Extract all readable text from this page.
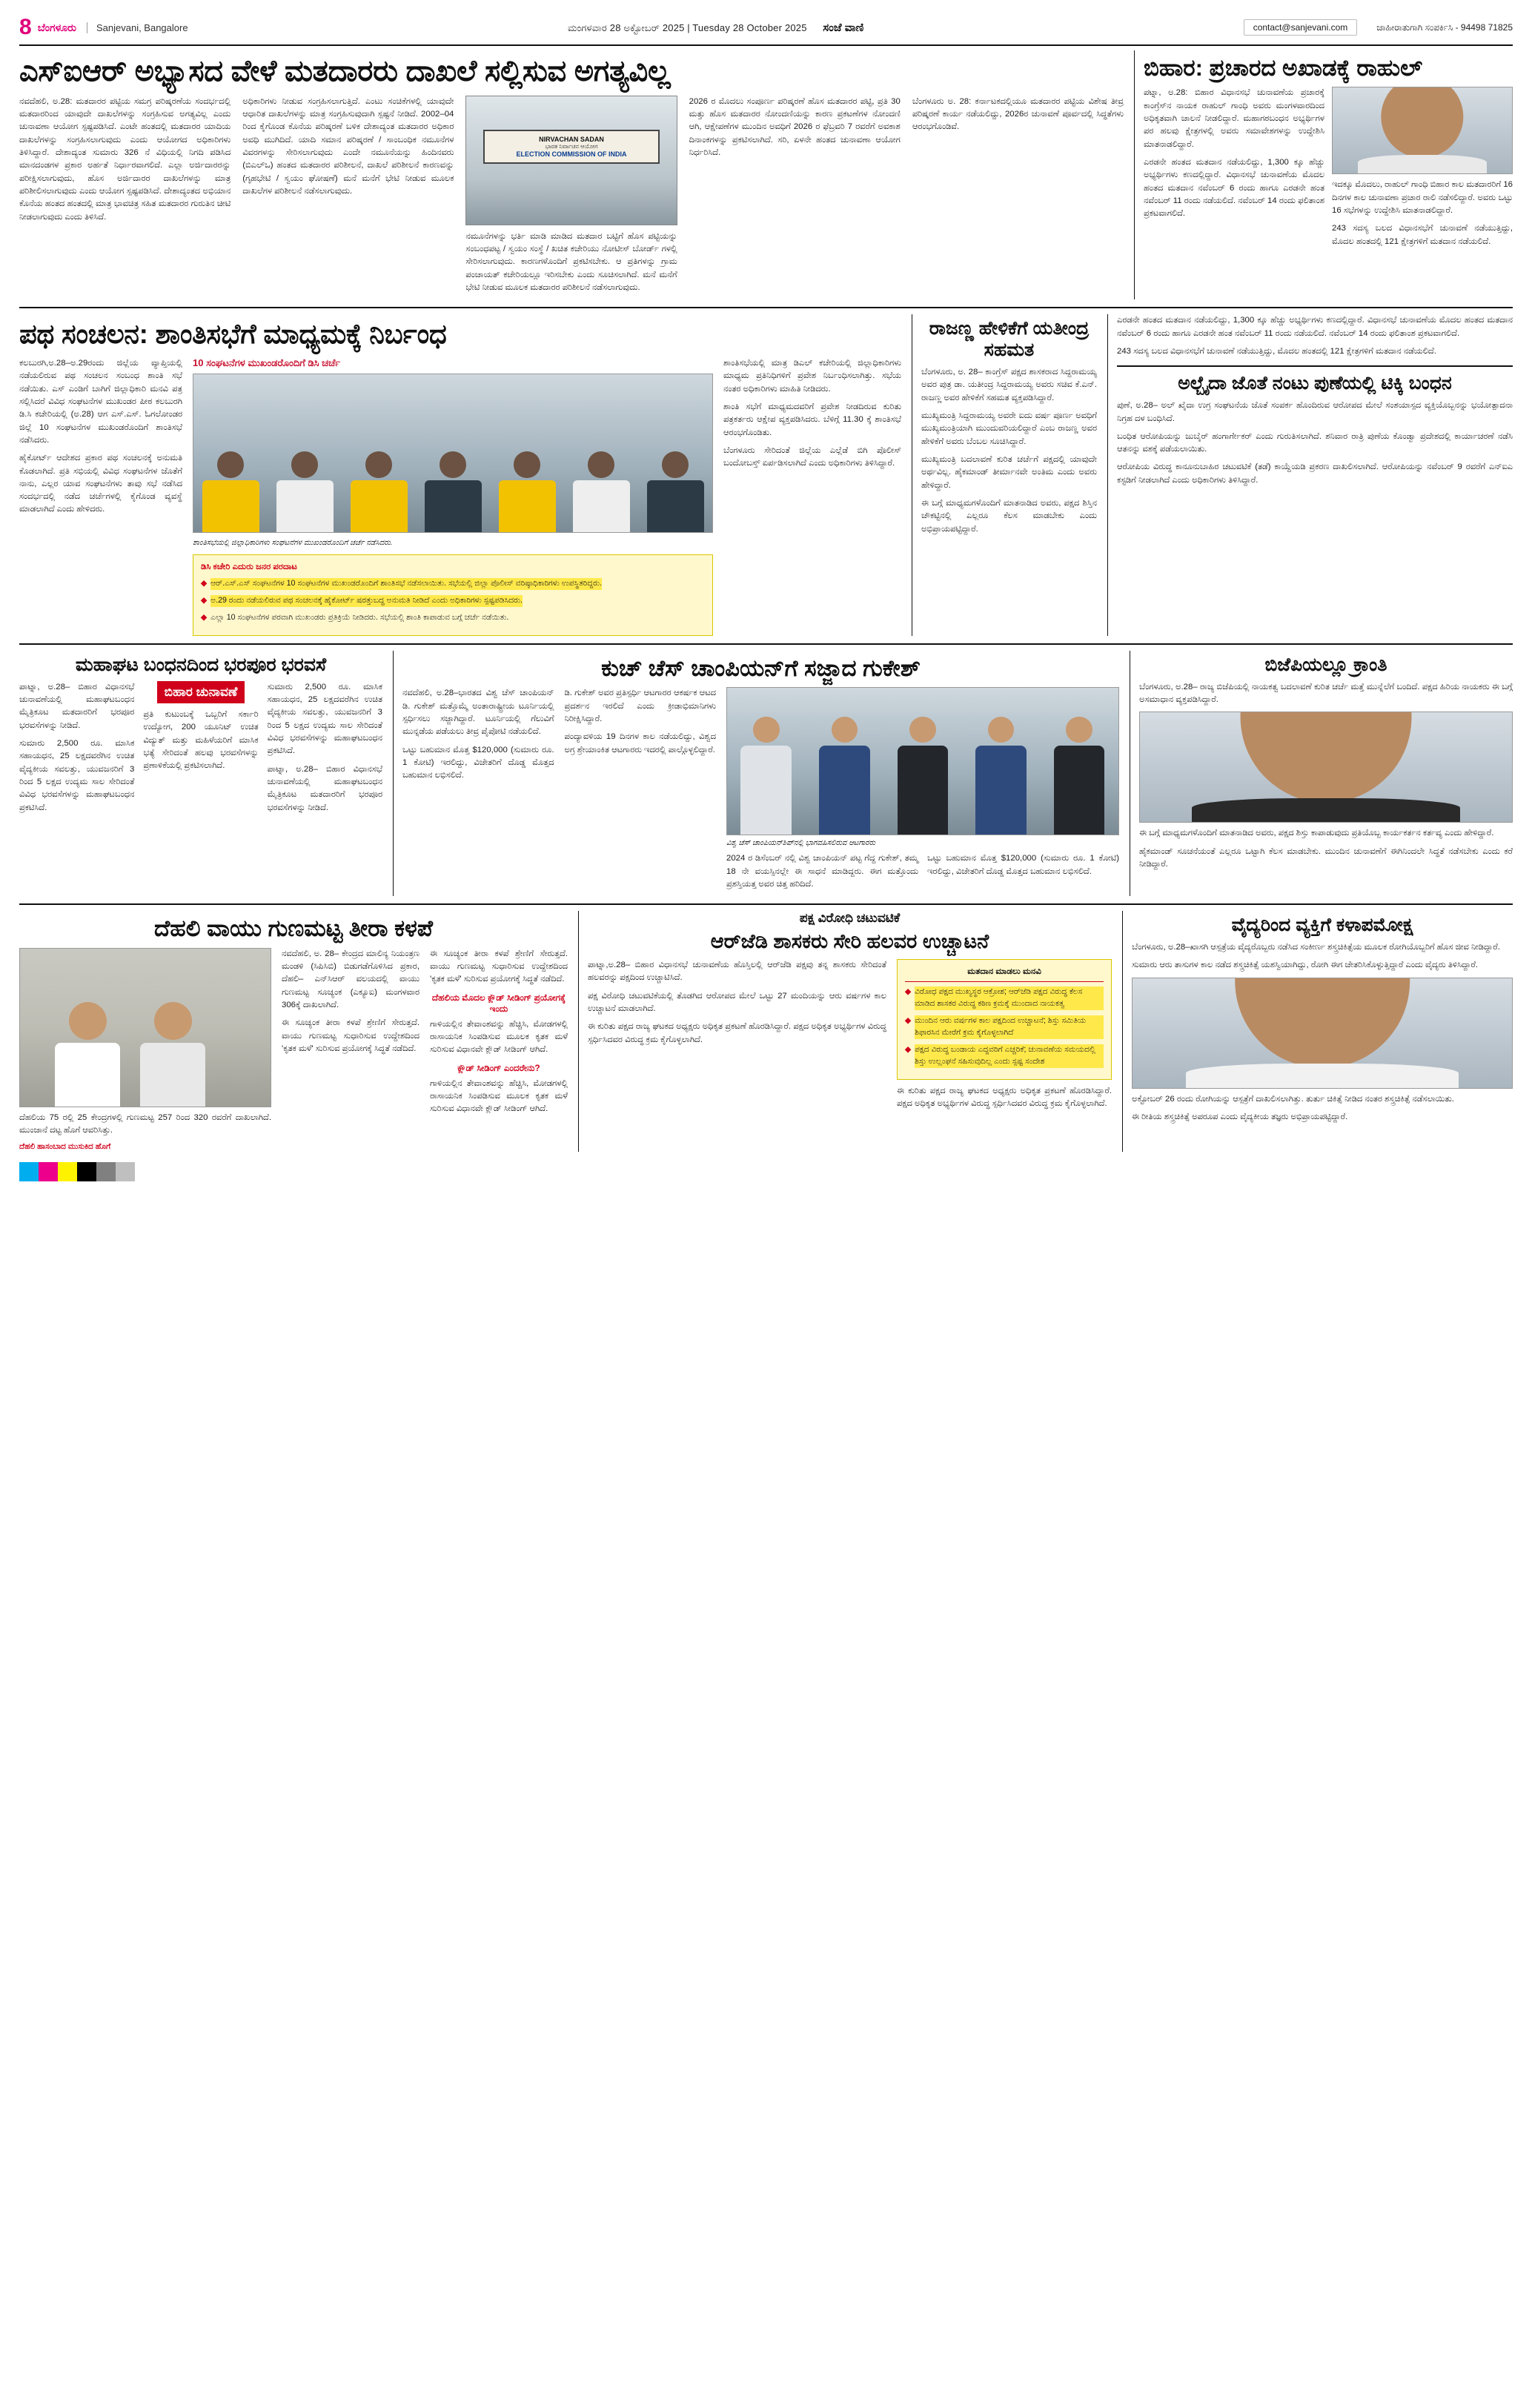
8 ಬೆಂಗಳೂರು	Sanjevani, Bangalore	ಮಂಗಳವಾರ 28 ಅಕ್ಟೋಬರ್ 2025 | Tuesday 28 October 2025 ಸಂಜೆ ವಾಣಿ	contact@sanjevani.com	ಜಾಹೀರಾತುಗಾಗಿ ಸಂಪರ್ಕಿಸಿ - 94498 71825
ಎಸ್‌ಐಆರ್ ಅಭ್ಯಾಸದ ವೇಳೆ ಮತದಾರರು ದಾಖಲೆ ಸಲ್ಲಿಸುವ ಅಗತ್ಯವಿಲ್ಲ

ನವದೆಹಲಿ, ಅ.28: ಮತದಾರರ ಪಟ್ಟಿಯ ಸಮಗ್ರ ಪರಿಷ್ಕರಣೆಯ ಸಂದರ್ಭದಲ್ಲಿ ಮತದಾರರಿಂದ ಯಾವುದೇ ದಾಖಲೆಗಳನ್ನು ಸಂಗ್ರಹಿಸುವ ಅಗತ್ಯವಿಲ್ಲ ಎಂದು ಚುನಾವಣಾ ಆಯೋಗ ಸ್ಪಷ್ಟಪಡಿಸಿದೆ. ಎಂಟೇ ಹಂತದಲ್ಲಿ ಮತದಾರರ ಯಾದಿಯ ದಾಖಲೆಗಳನ್ನು ಸಂಗ್ರಹಿಸಲಾಗುವುದು ಎಂದು ಆಯೋಗದ ಅಧಿಕಾರಿಗಳು ತಿಳಿಸಿದ್ದಾರೆ. ದೇಶಾದ್ಯಂತ ಸುಮಾರು 326 ನೆ ವಿಧಿಯಲ್ಲಿ ನಿಗದಿ ಪಡಿಸಿದ ಮಾನದಂಡಗಳ ಪ್ರಕಾರ ಅರ್ಹತೆ ನಿರ್ಧಾರವಾಗಲಿದೆ. ಎಲ್ಲಾ ಅರ್ಜಿದಾರರನ್ನು ಪರೀಕ್ಷಿಸಲಾಗುವುದು, ಹೊಸ ಅರ್ಜಿದಾರರ ದಾಖಲೆಗಳನ್ನು ಮಾತ್ರ ಪರಿಶೀಲಿಸಲಾಗುವುದು ಎಂದು ಆಯೋಗ ಸ್ಪಷ್ಟಪಡಿಸಿದೆ. ದೇಶಾದ್ಯಂತದ ಅಭಿಯಾನ ಕೊನೆಯ ಹಂತದ ಹಂತದಲ್ಲಿ ಮಾತ್ರ ಭಾವಚಿತ್ರ ಸಹಿತ ಮತದಾರರ ಗುರುತಿನ ಚೀಟಿ ನೀಡಲಾಗುವುದು ಎಂದು ತಿಳಿಸಿದೆ.

ಅಧಿಕಾರಿಗಳು ನೀಡುವ ಸಂಗ್ರಹಿಸಲಾಗುತ್ತಿದೆ. ಎಂಟು ಸಂಚಿಕೆಗಳಲ್ಲಿ ಯಾವುದೇ ಆಧಾರಿತ ದಾಖಲೆಗಳನ್ನು ಮಾತ್ರ ಸಂಗ್ರಹಿಸುವುದಾಗಿ ಸ್ಪಷ್ಟನೆ ನೀಡಿದೆ. 2002–04 ರಿಂದ ಕೈಗೊಂಡ ಕೊನೆಯ ಪರಿಷ್ಕರಣೆ ಬಳಿಕ ದೇಶಾದ್ಯಂತ ಮತದಾರರ ಅಧಿಕಾರ ಅವಧಿ ಮುಗಿದಿದೆ. ಯಾದಿ ಸಮಾನ ಪರಿಷ್ಕರಣೆ / ಸಾಂಬಂಧಿಕ ನಮೂನೆಗಳ ವಿವರಗಳನ್ನು ಸೇರಿಸಲಾಗುವುದು ಎಂದೇ ನಮೂನೆಯನ್ನು ಹಿಂದಿನವರು (ಬಿಎಲ್‌ಒ) ಹಂತದ ಮತದಾರರ ಪರಿಶೀಲನೆ, ದಾಖಲೆ ಪರಿಶೀಲನೆ ಕಾರಣವನ್ನು (ಗೃಹಭೇಟಿ / ಸ್ವಯಂ ಘೋಷಣೆ) ಮನೆ ಮನೆಗೆ ಭೇಟಿ ನೀಡುವ ಮೂಲಕ ದಾಖಲೆಗಳ ಪರಿಶೀಲನೆ ನಡೆಸಲಾಗುವುದು.

NIRVACHAN SADAN
ಭಾರತ ನಿರ್ವಾಚನ ಆಯೋಗ
ELECTION COMMISSION OF INDIA

ನಮೂನೆಗಳನ್ನು ಭರ್ತಿ ಮಾಡಿ ಮಾಡಿದ ಮತದಾರ ಬಟ್ಟಿಗೆ ಹೊಸ ಪಟ್ಟಿಯನ್ನು ಸಂಬಂಧಪಟ್ಟ / ಸ್ವಯಂ ಸಂಸ್ಥೆ / ಖಚಿತ ಕಚೇರಿಯು ನೋಟೀಸ್ ಬೋರ್ಡ್ ಗಳಲ್ಲಿ ಸೇರಿಸಲಾಗುವುದು. ಕಾರಣಗಳೊಂದಿಗೆ ಪ್ರಕಟಿಸಬೇಕು. ಆ ಪ್ರತಿಗಳನ್ನು ಗ್ರಾಮ ಪಂಚಾಯತ್ ಕಚೇರಿಯಲ್ಲೂ ಇರಿಸಬೇಕು ಎಂದು ಸೂಚಿಸಲಾಗಿದೆ. ಮನೆ ಮನೆಗೆ ಭೇಟಿ ನೀಡುವ ಮೂಲಕ ಮತದಾರರ ಪರಿಶೀಲನೆ ನಡೆಸಲಾಗುವುದು.

2026 ರ ಮೊದಲು ಸಂಪೂರ್ಣ ಪರಿಷ್ಕರಣೆ ಹೊಸ ಮತದಾರರ ಪಟ್ಟಿ, ಪ್ರತಿ 30 ಮತ್ತು ಹೊಸ ಮತದಾರರ ನೋಂದಣಿಯನ್ನು ಕಾರಣ ಪ್ರಕಟಣೆಗಳ ನೋಂದಣಿ ಆಗಿ, ಆಕ್ಷೇಪಣೆಗಳ ಮುಂದಿನ ಅವಧಿಗೆ 2026 ರ ಫೆಬ್ರವರಿ 7 ರವರೆಗೆ ಅವಕಾಶ ದಿನಾಂಕಗಳನ್ನು ಪ್ರಕಟಿಸಲಾಗಿದೆ. ಸರಿ, ಏಳನೇ ಹಂತದ ಚುನಾವಣಾ ಆಯೋಗ ನಿರ್ಧರಿಸಿದೆ.

ಬೆಂಗಳೂರು ಅ. 28: ಕರ್ನಾಟಕದಲ್ಲಿಯೂ ಮತದಾರರ ಪಟ್ಟಿಯ ವಿಶೇಷ ತೀವ್ರ ಪರಿಷ್ಕರಣೆ ಕಾರ್ಯ ನಡೆಯಲಿದ್ದು, 2026ರ ಚುನಾವಣೆ ಪೂರ್ವದಲ್ಲಿ ಸಿದ್ಧತೆಗಳು ಆರಂಭಗೊಂಡಿವೆ.

ಬಿಹಾರ: ಪ್ರಚಾರದ ಅಖಾಡಕ್ಕೆ ರಾಹುಲ್

ಪಟ್ನಾ, ಅ.28: ಬಿಹಾರ ವಿಧಾನಸಭೆ ಚುನಾವಣೆಯ ಪ್ರಚಾರಕ್ಕೆ ಕಾಂಗ್ರೆಸ್‌ನ ನಾಯಕ ರಾಹುಲ್ ಗಾಂಧಿ ಅವರು ಮಂಗಳವಾರದಿಂದ ಅಧಿಕೃತವಾಗಿ ಚಾಲನೆ ನೀಡಲಿದ್ದಾರೆ. ಮಹಾಗಠಬಂಧನ ಅಭ್ಯರ್ಥಿಗಳ ಪರ ಹಲವು ಕ್ಷೇತ್ರಗಳಲ್ಲಿ ಅವರು ಸಮಾವೇಶಗಳನ್ನು ಉದ್ದೇಶಿಸಿ ಮಾತನಾಡಲಿದ್ದಾರೆ.

ಎರಡನೇ ಹಂತದ ಮತದಾನ ನಡೆಯಲಿದ್ದು, 1,300 ಕ್ಕೂ ಹೆಚ್ಚು ಅಭ್ಯರ್ಥಿಗಳು ಕಣದಲ್ಲಿದ್ದಾರೆ. ವಿಧಾನಸಭೆ ಚುನಾವಣೆಯ ಮೊದಲ ಹಂತದ ಮತದಾನ ನವೆಂಬರ್ 6 ರಂದು ಹಾಗೂ ಎರಡನೇ ಹಂತ ನವೆಂಬರ್ 11 ರಂದು ನಡೆಯಲಿದೆ. ನವೆಂಬರ್ 14 ರಂದು ಫಲಿತಾಂಶ ಪ್ರಕಟವಾಗಲಿದೆ.

ಇದಕ್ಕೂ ಮೊದಲು, ರಾಹುಲ್ ಗಾಂಧಿ ಬಿಹಾರ ಕಾಲ ಮತದಾರರಿಗೆ 16 ದಿನಗಳ ಕಾಲ ಚುನಾವಣಾ ಪ್ರಚಾರ ರಾಲಿ ನಡೆಸಲಿದ್ದಾರೆ. ಅವರು ಒಟ್ಟು 16 ಸಭೆಗಳನ್ನು ಉದ್ದೇಶಿಸಿ ಮಾತನಾಡಲಿದ್ದಾರೆ.

243 ಸದಸ್ಯ ಬಲದ ವಿಧಾನಸಭೆಗೆ ಚುನಾವಣೆ ನಡೆಯುತ್ತಿದ್ದು, ಮೊದಲ ಹಂತದಲ್ಲಿ 121 ಕ್ಷೇತ್ರಗಳಿಗೆ ಮತದಾನ ನಡೆಯಲಿದೆ.

ಪಥ ಸಂಚಲನ: ಶಾಂತಿಸಭೆಗೆ ಮಾಧ್ಯಮಕ್ಕೆ ನಿರ್ಬಂಧ

ಕಲಬುರಗಿ,ಅ.28–ಅ.29ರಂದು ಜಿಲ್ಲೆಯ ವ್ಯಾಪ್ತಿಯಲ್ಲಿ ನಡೆಯಲಿರುವ ಪಥ ಸಂಚಲನ ಸಂಬಂಧ ಶಾಂತಿ ಸಭೆ ನಡೆಯಿತು. ಎಸ್ ಎಂಡಿಗೆ ಬಾಗಿಗೆ ಜಿಲ್ಲಾಧಿಕಾರಿ ಮನವಿ ಪತ್ರ ಸಲ್ಲಿಸಿದರೆ ವಿವಿಧ ಸಂಘಟನೆಗಳ ಮುಖಂಡರ ಪೀಠ ಕಲಬುರಗಿ ಡಿ.ಸಿ ಕಚೇರಿಯಲ್ಲಿ (ಅ.28) ಆಗ ಎಸ್.ಎಸ್. ಓಗಲೋಂಡರ ಜಿಲ್ಲೆ 10 ಸಂಘಟನೆಗಳ ಮುಖಂಡರೊಂದಿಗೆ ಶಾಂತಿಸಭೆ ನಡೆಸಿದರು.

ಹೈಕೋರ್ಟ್ ಆದೇಶದ ಪ್ರಕಾರ ಪಥ ಸಂಚಲನಕ್ಕೆ ಅನುಮತಿ ಕೊಡಲಾಗಿದೆ. ಪ್ರತಿ ಸಭಿಯಲ್ಲಿ ವಿವಿಧ ಸಂಘಟನೆಗಳ ಜೊತೆಗೆ ನಾನು, ಎಲ್ಲರ ಯಾವ ಸಂಘಟನೆಗಳು ತಾವು ಸಭೆ ನಡೆಸಿದ ಸಂದರ್ಭದಲ್ಲಿ ನಡೆದ ಚರ್ಚೆಗಳಲ್ಲಿ ಕೈಗೊಂಡ ವ್ಯವಸ್ಥೆ ಮಾಡಲಾಗಿದೆ ಎಂದು ಹೇಳಿದರು.

10 ಸಂಘಟನೆಗಳ ಮುಖಂಡರೊಂದಿಗೆ ಡಿಸಿ ಚರ್ಚೆ
ಶಾಂತಿಸಭೆಯಲ್ಲಿ ಜಿಲ್ಲಾಧಿಕಾರಿಗಳು ಸಂಘಟನೆಗಳ ಮುಖಂಡರೊಂದಿಗೆ ಚರ್ಚೆ ನಡೆಸಿದರು.
ಡಿಸಿ ಕಚೇರಿ ಎದುರು ಜನರ ಪರದಾಟ
◆ ಆರ್.ಎಸ್.ಎಸ್ ಸಂಘಟನೆಗಳ 10 ಸಂಘಟನೆಗಳ ಮುಖಂಡರೊಂದಿಗೆ ಶಾಂತಿಸಭೆ ನಡೆಸಲಾಯಿತು. ಸಭೆಯಲ್ಲಿ ಜಿಲ್ಲಾ ಪೊಲೀಸ್ ವರಿಷ್ಠಾಧಿಕಾರಿಗಳು ಉಪಸ್ಥಿತರಿದ್ದರು.
◆ ಅ.29 ರಂದು ನಡೆಯಲಿರುವ ಪಥ ಸಂಚಲನಕ್ಕೆ ಹೈಕೋರ್ಟ್ ಷರತ್ತುಬದ್ಧ ಅನುಮತಿ ನೀಡಿದೆ ಎಂದು ಅಧಿಕಾರಿಗಳು ಸ್ಪಷ್ಟಪಡಿಸಿದರು.
◆ ಎಲ್ಲಾ 10 ಸಂಘಟನೆಗಳ ಪರವಾಗಿ ಮುಖಂಡರು ಪ್ರತಿಕ್ರಿಯೆ ನೀಡಿದರು. ಸಭೆಯಲ್ಲಿ ಶಾಂತಿ ಕಾಪಾಡುವ ಬಗ್ಗೆ ಚರ್ಚೆ ನಡೆಯಿತು.

ಶಾಂತಿಸಭೆಯಲ್ಲಿ ಮಾತ್ರ ಡಿಎಲ್ ಕಚೇರಿಯಲ್ಲಿ ಜಿಲ್ಲಾಧಿಕಾರಿಗಳು ಮಾಧ್ಯಮ ಪ್ರತಿನಿಧಿಗಳಿಗೆ ಪ್ರವೇಶ ನಿರ್ಬಂಧಿಸಲಾಗಿತ್ತು. ಸಭೆಯ ನಂತರ ಅಧಿಕಾರಿಗಳು ಮಾಹಿತಿ ನೀಡಿದರು.

ಶಾಂತಿ ಸಭೆಗೆ ಮಾಧ್ಯಮದವರಿಗೆ ಪ್ರವೇಶ ನೀಡದಿರುವ ಕುರಿತು ಪತ್ರಕರ್ತರು ಆಕ್ಷೇಪ ವ್ಯಕ್ತಪಡಿಸಿದರು. ಬೆಳಿಗ್ಗೆ 11.30 ಕ್ಕೆ ಶಾಂತಿಸಭೆ ಆರಂಭಗೊಂಡಿತು.

ಬೆಂಗಳೂರು ಸೇರಿದಂತೆ ಜಿಲ್ಲೆಯ ಎಲ್ಲೆಡೆ ಬಿಗಿ ಪೊಲೀಸ್ ಬಂದೋಬಸ್ತ್ ಏರ್ಪಡಿಸಲಾಗಿದೆ ಎಂದು ಅಧಿಕಾರಿಗಳು ತಿಳಿಸಿದ್ದಾರೆ.

ರಾಜಣ್ಣ ಹೇಳಿಕೆಗೆ ಯತೀಂದ್ರ ಸಹಮತ

ಬೆಂಗಳೂರು, ಅ. 28– ಕಾಂಗ್ರೆಸ್ ಪಕ್ಷದ ಶಾಸಕರಾದ ಸಿದ್ದರಾಮಯ್ಯ ಅವರ ಪುತ್ರ ಡಾ. ಯತೀಂದ್ರ ಸಿದ್ದರಾಮಯ್ಯ ಅವರು ಸಚಿವ ಕೆ.ಎನ್. ರಾಜಣ್ಣ ಅವರ ಹೇಳಿಕೆಗೆ ಸಹಮತ ವ್ಯಕ್ತಪಡಿಸಿದ್ದಾರೆ.

ಮುಖ್ಯಮಂತ್ರಿ ಸಿದ್ದರಾಮಯ್ಯ ಅವರೇ ಐದು ವರ್ಷ ಪೂರ್ಣ ಅವಧಿಗೆ ಮುಖ್ಯಮಂತ್ರಿಯಾಗಿ ಮುಂದುವರಿಯಲಿದ್ದಾರೆ ಎಂಬ ರಾಜಣ್ಣ ಅವರ ಹೇಳಿಕೆಗೆ ಅವರು ಬೆಂಬಲ ಸೂಚಿಸಿದ್ದಾರೆ.

ಮುಖ್ಯಮಂತ್ರಿ ಬದಲಾವಣೆ ಕುರಿತ ಚರ್ಚೆಗೆ ಪಕ್ಷದಲ್ಲಿ ಯಾವುದೇ ಅರ್ಥವಿಲ್ಲ. ಹೈಕಮಾಂಡ್ ತೀರ್ಮಾನವೇ ಅಂತಿಮ ಎಂದು ಅವರು ಹೇಳಿದ್ದಾರೆ.

ಈ ಬಗ್ಗೆ ಮಾಧ್ಯಮಗಳೊಂದಿಗೆ ಮಾತನಾಡಿದ ಅವರು, ಪಕ್ಷದ ಶಿಸ್ತಿನ ಚೌಕಟ್ಟಿನಲ್ಲಿ ಎಲ್ಲರೂ ಕೆಲಸ ಮಾಡಬೇಕು ಎಂದು ಅಭಿಪ್ರಾಯಪಟ್ಟಿದ್ದಾರೆ.

ಎರಡನೇ ಹಂತದ ಮತದಾನ ನಡೆಯಲಿದ್ದು, 1,300 ಕ್ಕೂ ಹೆಚ್ಚು ಅಭ್ಯರ್ಥಿಗಳು ಕಣದಲ್ಲಿದ್ದಾರೆ. ವಿಧಾನಸಭೆ ಚುನಾವಣೆಯ ಮೊದಲ ಹಂತದ ಮತದಾನ ನವೆಂಬರ್ 6 ರಂದು ಹಾಗೂ ಎರಡನೇ ಹಂತ ನವೆಂಬರ್ 11 ರಂದು ನಡೆಯಲಿದೆ. ನವೆಂಬರ್ 14 ರಂದು ಫಲಿತಾಂಶ ಪ್ರಕಟವಾಗಲಿದೆ.

243 ಸದಸ್ಯ ಬಲದ ವಿಧಾನಸಭೆಗೆ ಚುನಾವಣೆ ನಡೆಯುತ್ತಿದ್ದು, ಮೊದಲ ಹಂತದಲ್ಲಿ 121 ಕ್ಷೇತ್ರಗಳಿಗೆ ಮತದಾನ ನಡೆಯಲಿದೆ.

ಅಲ್ಬೈದಾ ಜೊತೆ ನಂಟು ಪುಣೆಯಲ್ಲಿ ಟಿಕ್ಕಿ ಬಂಧನ

ಪುಣೆ, ಅ.28– ಅಲ್ ಖೈದಾ ಉಗ್ರ ಸಂಘಟನೆಯ ಜೊತೆ ಸಂಪರ್ಕ ಹೊಂದಿರುವ ಆರೋಪದ ಮೇಲೆ ಸಂಶಯಾಸ್ಪದ ವ್ಯಕ್ತಿಯೊಬ್ಬನನ್ನು ಭಯೋತ್ಪಾದನಾ ನಿಗ್ರಹ ದಳ ಬಂಧಿಸಿದೆ.

ಬಂಧಿತ ಆರೋಪಿಯನ್ನು ಜುಬೈರ್ ಹಂಗಾರ್ಗೇಕರ್ ಎಂದು ಗುರುತಿಸಲಾಗಿದೆ. ಶನಿವಾರ ರಾತ್ರಿ ಪುಣೆಯ ಕೊಂಡ್ವಾ ಪ್ರದೇಶದಲ್ಲಿ ಕಾರ್ಯಾಚರಣೆ ನಡೆಸಿ ಆತನನ್ನು ವಶಕ್ಕೆ ಪಡೆಯಲಾಯಿತು.

ಆರೋಪಿಯ ವಿರುದ್ಧ ಕಾನೂನುಬಾಹಿರ ಚಟುವಟಿಕೆ (ತಡೆ) ಕಾಯ್ದೆಯಡಿ ಪ್ರಕರಣ ದಾಖಲಿಸಲಾಗಿದೆ. ಆರೋಪಿಯನ್ನು ನವೆಂಬರ್ 9 ರವರೆಗೆ ಎನ್ಐಎ ಕಸ್ಟಡಿಗೆ ನೀಡಲಾಗಿದೆ ಎಂದು ಅಧಿಕಾರಿಗಳು ತಿಳಿಸಿದ್ದಾರೆ.

ಮಹಾಘಟ ಬಂಧನದಿಂದ ಭರಪೂರ ಭರವಸೆ

ಪಾಟ್ನಾ, ಅ.28– ಬಿಹಾರ ವಿಧಾನಸಭೆ ಚುನಾವಣೆಯಲ್ಲಿ ಮಹಾಘಟಬಂಧನ ಮೈತ್ರಿಕೂಟ ಮತದಾರರಿಗೆ ಭರಪೂರ ಭರವಸೆಗಳನ್ನು ನೀಡಿದೆ.

ಸುಮಾರು 2,500 ರೂ. ಮಾಸಿಕ ಸಹಾಯಧನ, 25 ಲಕ್ಷದವರೆಗಿನ ಉಚಿತ ವೈದ್ಯಕೀಯ ಸವಲತ್ತು, ಯುವಜನರಿಗೆ 3 ರಿಂದ 5 ಲಕ್ಷದ ಉದ್ಯಮ ಸಾಲ ಸೇರಿದಂತೆ ವಿವಿಧ ಭರವಸೆಗಳನ್ನು ಮಹಾಘಟಬಂಧನ ಪ್ರಕಟಿಸಿದೆ.

ಬಿಹಾರ ಚುನಾವಣೆ

ಪ್ರತಿ ಕುಟುಂಬಕ್ಕೆ ಒಬ್ಬರಿಗೆ ಸರ್ಕಾರಿ ಉದ್ಯೋಗ, 200 ಯೂನಿಟ್ ಉಚಿತ ವಿದ್ಯುತ್ ಮತ್ತು ಮಹಿಳೆಯರಿಗೆ ಮಾಸಿಕ ಭತ್ಯೆ ಸೇರಿದಂತೆ ಹಲವು ಭರವಸೆಗಳನ್ನು ಪ್ರಣಾಳಿಕೆಯಲ್ಲಿ ಪ್ರಕಟಿಸಲಾಗಿದೆ.

ಸುಮಾರು 2,500 ರೂ. ಮಾಸಿಕ ಸಹಾಯಧನ, 25 ಲಕ್ಷದವರೆಗಿನ ಉಚಿತ ವೈದ್ಯಕೀಯ ಸವಲತ್ತು, ಯುವಜನರಿಗೆ 3 ರಿಂದ 5 ಲಕ್ಷದ ಉದ್ಯಮ ಸಾಲ ಸೇರಿದಂತೆ ವಿವಿಧ ಭರವಸೆಗಳನ್ನು ಮಹಾಘಟಬಂಧನ ಪ್ರಕಟಿಸಿದೆ.

ಪಾಟ್ನಾ, ಅ.28– ಬಿಹಾರ ವಿಧಾನಸಭೆ ಚುನಾವಣೆಯಲ್ಲಿ ಮಹಾಘಟಬಂಧನ ಮೈತ್ರಿಕೂಟ ಮತದಾರರಿಗೆ ಭರಪೂರ ಭರವಸೆಗಳನ್ನು ನೀಡಿದೆ.

ಕುಚ್ ಚೆಸ್ ಚಾಂಪಿಯನ್‌ಗೆ ಸಜ್ಜಾದ ಗುಕೇಶ್

ನವದೆಹಲಿ, ಅ.28–ಭಾರತದ ವಿಶ್ವ ಚೆಸ್ ಚಾಂಪಿಯನ್ ಡಿ. ಗುಕೇಶ್ ಮತ್ತೊಮ್ಮೆ ಅಂತಾರಾಷ್ಟ್ರೀಯ ಟೂರ್ನಿಯಲ್ಲಿ ಸ್ಪರ್ಧಿಸಲು ಸಜ್ಜಾಗಿದ್ದಾರೆ. ಟೂರ್ನಿಯಲ್ಲಿ ಗೆಲುವಿಗೆ ಮುನ್ನಡೆಯ ಪಡೆಯಲು ತೀವ್ರ ಪೈಪೋಟಿ ನಡೆಯಲಿದೆ.

ಒಟ್ಟು ಬಹುಮಾನ ಮೊತ್ತ $120,000 (ಸುಮಾರು ರೂ. 1 ಕೋಟಿ) ಇರಲಿದ್ದು, ವಿಜೇತರಿಗೆ ದೊಡ್ಡ ಮೊತ್ತದ ಬಹುಮಾನ ಲಭಿಸಲಿದೆ.

ಡಿ. ಗುಕೇಶ್ ಅವರ ಪ್ರತಿಸ್ಪರ್ಧಿ ಆಟಗಾರರ ಆಕರ್ಷಕ ಆಟದ ಪ್ರದರ್ಶನ ಇರಲಿದೆ ಎಂದು ಕ್ರೀಡಾಭಿಮಾನಿಗಳು ನಿರೀಕ್ಷಿಸಿದ್ದಾರೆ.

ಪಂದ್ಯಾವಳಿಯ 19 ದಿನಗಳ ಕಾಲ ನಡೆಯಲಿದ್ದು, ವಿಶ್ವದ ಅಗ್ರ ಶ್ರೇಯಾಂಕಿತ ಆಟಗಾರರು ಇದರಲ್ಲಿ ಪಾಲ್ಗೊಳ್ಳಲಿದ್ದಾರೆ.

ವಿಶ್ವ ಚೆಸ್ ಚಾಂಪಿಯನ್‌ಶಿಪ್‌ನಲ್ಲಿ ಭಾಗವಹಿಸಲಿರುವ ಆಟಗಾರರು

2024 ರ ಡಿಸೆಂಬರ್ ನಲ್ಲಿ ವಿಶ್ವ ಚಾಂಪಿಯನ್ ಪಟ್ಟ ಗೆದ್ದ ಗುಕೇಶ್, ತಮ್ಮ 18 ನೇ ವಯಸ್ಸಿನಲ್ಲೇ ಈ ಸಾಧನೆ ಮಾಡಿದ್ದರು. ಈಗ ಮತ್ತೊಂದು ಪ್ರಶಸ್ತಿಯತ್ತ ಅವರ ಚಿತ್ತ ಹರಿದಿದೆ.

ಒಟ್ಟು ಬಹುಮಾನ ಮೊತ್ತ $120,000 (ಸುಮಾರು ರೂ. 1 ಕೋಟಿ) ಇರಲಿದ್ದು, ವಿಜೇತರಿಗೆ ದೊಡ್ಡ ಮೊತ್ತದ ಬಹುಮಾನ ಲಭಿಸಲಿದೆ.

ಬಿಜೆಪಿಯಲ್ಲೂ ಕ್ರಾಂತಿ

ಬೆಂಗಳೂರು, ಅ.28– ರಾಜ್ಯ ಬಿಜೆಪಿಯಲ್ಲಿ ನಾಯಕತ್ವ ಬದಲಾವಣೆ ಕುರಿತ ಚರ್ಚೆ ಮತ್ತೆ ಮುನ್ನೆಲೆಗೆ ಬಂದಿದೆ. ಪಕ್ಷದ ಹಿರಿಯ ನಾಯಕರು ಈ ಬಗ್ಗೆ ಅಸಮಾಧಾನ ವ್ಯಕ್ತಪಡಿಸಿದ್ದಾರೆ.

ಈ ಬಗ್ಗೆ ಮಾಧ್ಯಮಗಳೊಂದಿಗೆ ಮಾತನಾಡಿದ ಅವರು, ಪಕ್ಷದ ಶಿಸ್ತು ಕಾಪಾಡುವುದು ಪ್ರತಿಯೊಬ್ಬ ಕಾರ್ಯಕರ್ತನ ಕರ್ತವ್ಯ ಎಂದು ಹೇಳಿದ್ದಾರೆ.

ಹೈಕಮಾಂಡ್ ಸೂಚನೆಯಂತೆ ಎಲ್ಲರೂ ಒಟ್ಟಾಗಿ ಕೆಲಸ ಮಾಡಬೇಕು. ಮುಂದಿನ ಚುನಾವಣೆಗೆ ಈಗಿನಿಂದಲೇ ಸಿದ್ಧತೆ ನಡೆಸಬೇಕು ಎಂದು ಕರೆ ನೀಡಿದ್ದಾರೆ.

ದೆಹಲಿ ವಾಯು ಗುಣಮಟ್ಟ ತೀರಾ ಕಳಪೆ

ದೆಹಲಿಯ 75 ರಲ್ಲಿ 25 ಕೇಂದ್ರಗಳಲ್ಲಿ ಗುಣಮಟ್ಟ 257 ರಿಂದ 320 ರವರೆಗೆ ದಾಖಲಾಗಿದೆ. ಮುಂಜಾನೆ ದಟ್ಟ ಹೊಗೆ ಆವರಿಸಿತ್ತು.

ದೆಹಲಿ ಹಾಸಂಬಾದ ಮುಸುಕಿದ ಹೊಗೆ

ನವದೆಹಲಿ, ಅ. 28– ಕೇಂದ್ರದ ಮಾಲಿನ್ಯ ನಿಯಂತ್ರಣ ಮಂಡಳಿ (ಸಿಪಿಸಿಬಿ) ಬಿಡುಗಡೆಗೊಳಿಸಿದ ಪ್ರಕಾರ, ದೆಹಲಿ– ಎನ್‌ಸಿಆರ್ ವಲಯದಲ್ಲಿ ವಾಯು ಗುಣಮಟ್ಟ ಸೂಚ್ಯಂಕ (ಎಕ್ಯೂಐ) ಮಂಗಳವಾರ 306ಕ್ಕೆ ದಾಖಲಾಗಿದೆ.

ಈ ಸೂಚ್ಯಂಕ ತೀರಾ ಕಳಪೆ ಶ್ರೇಣಿಗೆ ಸೇರುತ್ತದೆ. ವಾಯು ಗುಣಮಟ್ಟ ಸುಧಾರಿಸುವ ಉದ್ದೇಶದಿಂದ 'ಕೃತಕ ಮಳೆ' ಸುರಿಸುವ ಪ್ರಯೋಗಕ್ಕೆ ಸಿದ್ಧತೆ ನಡೆದಿದೆ.

ಈ ಸೂಚ್ಯಂಕ ತೀರಾ ಕಳಪೆ ಶ್ರೇಣಿಗೆ ಸೇರುತ್ತದೆ. ವಾಯು ಗುಣಮಟ್ಟ ಸುಧಾರಿಸುವ ಉದ್ದೇಶದಿಂದ 'ಕೃತಕ ಮಳೆ' ಸುರಿಸುವ ಪ್ರಯೋಗಕ್ಕೆ ಸಿದ್ಧತೆ ನಡೆದಿದೆ.

ದೆಹಲಿಯ ಮೊದಲ ಕ್ಲೌಡ್ ಸೀಡಿಂಗ್ ಪ್ರಯೋಗಕ್ಕೆ ಇಂದು

ಗಾಳಿಯಲ್ಲಿನ ತೇವಾಂಶವನ್ನು ಹೆಚ್ಚಿಸಿ, ಮೋಡಗಳಲ್ಲಿ ರಾಸಾಯನಿಕ ಸಿಂಪಡಿಸುವ ಮೂಲಕ ಕೃತಕ ಮಳೆ ಸುರಿಸುವ ವಿಧಾನವೇ ಕ್ಲೌಡ್ ಸೀಡಿಂಗ್ ಆಗಿದೆ.

ಕ್ಲೌಡ್ ಸೀಡಿಂಗ್ ಎಂದರೇನು?

ಗಾಳಿಯಲ್ಲಿನ ತೇವಾಂಶವನ್ನು ಹೆಚ್ಚಿಸಿ, ಮೋಡಗಳಲ್ಲಿ ರಾಸಾಯನಿಕ ಸಿಂಪಡಿಸುವ ಮೂಲಕ ಕೃತಕ ಮಳೆ ಸುರಿಸುವ ವಿಧಾನವೇ ಕ್ಲೌಡ್ ಸೀಡಿಂಗ್ ಆಗಿದೆ.

ಪಕ್ಷ ವಿರೋಧಿ ಚಟುವಟಿಕೆ
ಆರ್‌ಜೆಡಿ ಶಾಸಕರು ಸೇರಿ ಹಲವರ ಉಚ್ಚಾಟನೆ

ಪಾಟ್ನಾ,ಅ.28– ಬಿಹಾರ ವಿಧಾನಸಭೆ ಚುನಾವಣೆಯ ಹೊಸ್ತಿಲಲ್ಲಿ ಆರ್‌ಜೆಡಿ ಪಕ್ಷವು ತನ್ನ ಶಾಸಕರು ಸೇರಿದಂತೆ ಹಲವರನ್ನು ಪಕ್ಷದಿಂದ ಉಚ್ಚಾಟಿಸಿದೆ.

ಪಕ್ಷ ವಿರೋಧಿ ಚಟುವಟಿಕೆಯಲ್ಲಿ ತೊಡಗಿದ ಆರೋಪದ ಮೇಲೆ ಒಟ್ಟು 27 ಮಂದಿಯನ್ನು ಆರು ವರ್ಷಗಳ ಕಾಲ ಉಚ್ಚಾಟನೆ ಮಾಡಲಾಗಿದೆ.

ಈ ಕುರಿತು ಪಕ್ಷದ ರಾಜ್ಯ ಘಟಕದ ಅಧ್ಯಕ್ಷರು ಅಧಿಕೃತ ಪ್ರಕಟಣೆ ಹೊರಡಿಸಿದ್ದಾರೆ. ಪಕ್ಷದ ಅಧಿಕೃತ ಅಭ್ಯರ್ಥಿಗಳ ವಿರುದ್ಧ ಸ್ಪರ್ಧಿಸಿದವರ ವಿರುದ್ಧ ಕ್ರಮ ಕೈಗೊಳ್ಳಲಾಗಿದೆ.

ಮತದಾನ ಮಾಡಲು ಮನವಿ
◆ ವಿರೋಧ ಪಕ್ಷದ ಮುಖ್ಯಸ್ಥರ ಆಕ್ರೋಶ; ಆರ್‌ಜೆಡಿ ಪಕ್ಷದ ವಿರುದ್ಧ ಕೆಲಸ ಮಾಡಿದ ಶಾಸಕರ ವಿರುದ್ಧ ಕಠಿಣ ಕ್ರಮಕ್ಕೆ ಮುಂದಾದ ನಾಯಕತ್ವ
◆ ಮುಂದಿನ ಆರು ವರ್ಷಗಳ ಕಾಲ ಪಕ್ಷದಿಂದ ಉಚ್ಚಾಟನೆ; ಶಿಸ್ತು ಸಮಿತಿಯ ಶಿಫಾರಸಿನ ಮೇರೆಗೆ ಕ್ರಮ ಕೈಗೊಳ್ಳಲಾಗಿದೆ
◆ ಪಕ್ಷದ ವಿರುದ್ಧ ಬಂಡಾಯ ಎದ್ದವರಿಗೆ ಎಚ್ಚರಿಕೆ; ಚುನಾವಣೆಯ ಸಮಯದಲ್ಲಿ ಶಿಸ್ತು ಉಲ್ಲಂಘನೆ ಸಹಿಸುವುದಿಲ್ಲ ಎಂದು ಸ್ಪಷ್ಟ ಸಂದೇಶ

ಈ ಕುರಿತು ಪಕ್ಷದ ರಾಜ್ಯ ಘಟಕದ ಅಧ್ಯಕ್ಷರು ಅಧಿಕೃತ ಪ್ರಕಟಣೆ ಹೊರಡಿಸಿದ್ದಾರೆ. ಪಕ್ಷದ ಅಧಿಕೃತ ಅಭ್ಯರ್ಥಿಗಳ ವಿರುದ್ಧ ಸ್ಪರ್ಧಿಸಿದವರ ವಿರುದ್ಧ ಕ್ರಮ ಕೈಗೊಳ್ಳಲಾಗಿದೆ.

ವೈದ್ಯರಿಂದ ವ್ಯಕ್ತಿಗೆ ಕಳಾಪಮೋಕ್ಷ

ಬೆಂಗಳೂರು, ಅ.28–ಖಾಸಗಿ ಆಸ್ಪತ್ರೆಯ ವೈದ್ಯರೊಬ್ಬರು ನಡೆಸಿದ ಸಂಕೀರ್ಣ ಶಸ್ತ್ರಚಿಕಿತ್ಸೆಯ ಮೂಲಕ ರೋಗಿಯೊಬ್ಬರಿಗೆ ಹೊಸ ಜೀವ ನೀಡಿದ್ದಾರೆ.

ಸುಮಾರು ಆರು ತಾಸುಗಳ ಕಾಲ ನಡೆದ ಶಸ್ತ್ರಚಿಕಿತ್ಸೆ ಯಶಸ್ವಿಯಾಗಿದ್ದು, ರೋಗಿ ಈಗ ಚೇತರಿಸಿಕೊಳ್ಳುತ್ತಿದ್ದಾರೆ ಎಂದು ವೈದ್ಯರು ತಿಳಿಸಿದ್ದಾರೆ.

ಅಕ್ಟೋಬರ್ 26 ರಂದು ರೋಗಿಯನ್ನು ಆಸ್ಪತ್ರೆಗೆ ದಾಖಲಿಸಲಾಗಿತ್ತು. ತುರ್ತು ಚಿಕಿತ್ಸೆ ನೀಡಿದ ನಂತರ ಶಸ್ತ್ರಚಿಕಿತ್ಸೆ ನಡೆಸಲಾಯಿತು.

ಈ ರೀತಿಯ ಶಸ್ತ್ರಚಿಕಿತ್ಸೆ ಅಪರೂಪ ಎಂದು ವೈದ್ಯಕೀಯ ತಜ್ಞರು ಅಭಿಪ್ರಾಯಪಟ್ಟಿದ್ದಾರೆ.
